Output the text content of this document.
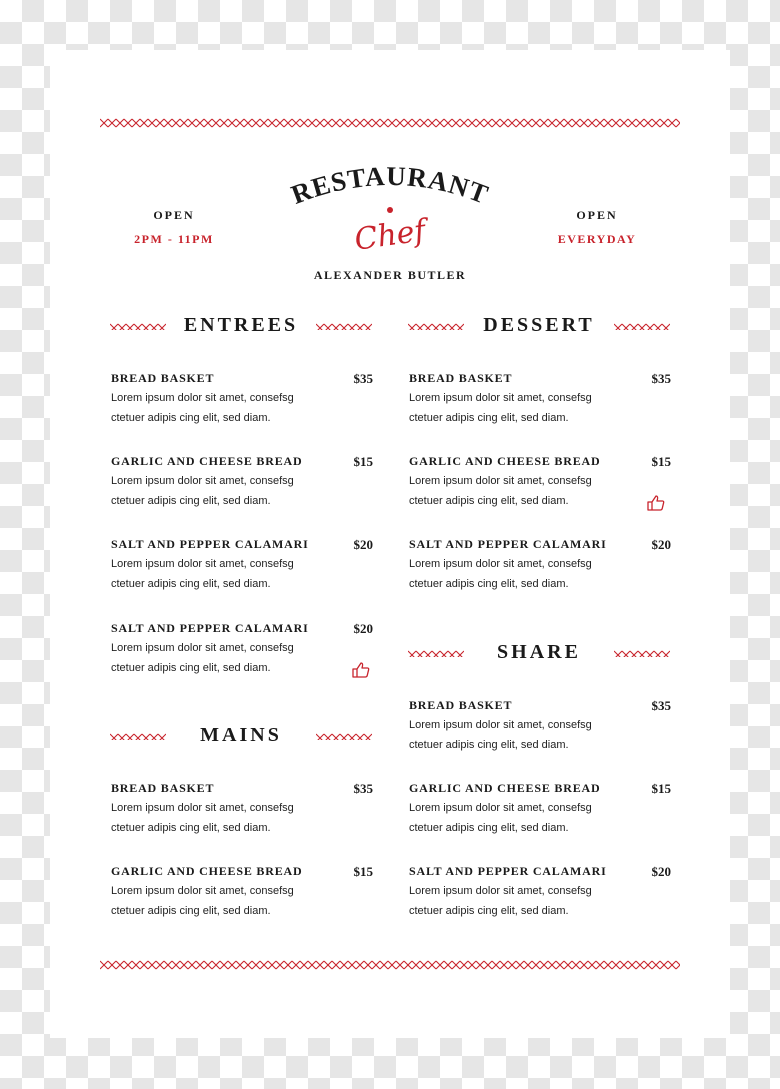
OPEN
2PM - 11PM
RESTAURANT
Chef
ALEXANDER BUTLER
OPEN
EVERYDAY
ENTREES
BREAD BASKET	$35
Lorem ipsum dolor sit amet, consefsg ctetuer adipis cing elit, sed diam.
GARLIC AND CHEESE BREAD	$15
Lorem ipsum dolor sit amet, consefsg ctetuer adipis cing elit, sed diam.
SALT AND PEPPER CALAMARI	$20
Lorem ipsum dolor sit amet, consefsg ctetuer adipis cing elit, sed diam.
SALT AND PEPPER CALAMARI	$20
Lorem ipsum dolor sit amet, consefsg ctetuer adipis cing elit, sed diam.
MAINS
BREAD BASKET	$35
Lorem ipsum dolor sit amet, consefsg ctetuer adipis cing elit, sed diam.
GARLIC AND CHEESE BREAD	$15
Lorem ipsum dolor sit amet, consefsg ctetuer adipis cing elit, sed diam.
DESSERT
BREAD BASKET	$35
Lorem ipsum dolor sit amet, consefsg ctetuer adipis cing elit, sed diam.
GARLIC AND CHEESE BREAD	$15
Lorem ipsum dolor sit amet, consefsg ctetuer adipis cing elit, sed diam.
SALT AND PEPPER CALAMARI	$20
Lorem ipsum dolor sit amet, consefsg ctetuer adipis cing elit, sed diam.
SHARE
BREAD BASKET	$35
Lorem ipsum dolor sit amet, consefsg ctetuer adipis cing elit, sed diam.
GARLIC AND CHEESE BREAD	$15
Lorem ipsum dolor sit amet, consefsg ctetuer adipis cing elit, sed diam.
SALT AND PEPPER CALAMARI	$20
Lorem ipsum dolor sit amet, consefsg ctetuer adipis cing elit, sed diam.
